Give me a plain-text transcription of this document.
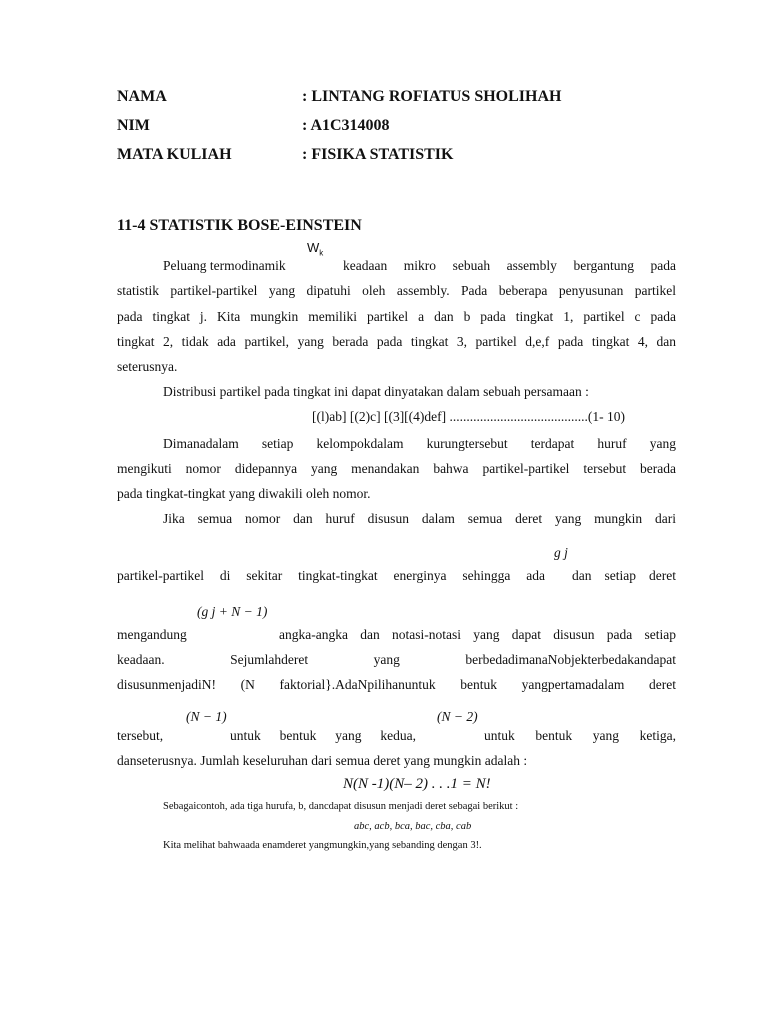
NAMA	: LINTANG ROFIATUS SHOLIHAH
NIM	: A1C314008
MATA KULIAH	: FISIKA STATISTIK
11-4 STATISTIK BOSE-EINSTEIN
$W_k$
Peluang termodinamik	keadaan mikro sebuah assembly bergantung pada
statistik partikel-partikel yang dipatuhi oleh assembly. Pada beberapa penyusunan partikel
pada tingkat j. Kita mungkin memiliki partikel a dan b pada tingkat 1, partikel c pada
tingkat 2, tidak ada partikel, yang berada pada tingkat 3, partikel d,e,f pada tingkat 4, dan
seterusnya.
Distribusi partikel pada tingkat ini dapat dinyatakan dalam sebuah persamaan :
[(l)ab] [(2)c] [(3][(4)def] .........................................(1- 10)
Dimanadalam setiap kelompokdalam kurungtersebut terdapat huruf yang
mengikuti nomor didepannya yang menandakan bahwa partikel-partikel tersebut berada
pada tingkat-tingkat yang diwakili oleh nomor.
Jika semua nomor dan huruf disusun dalam semua deret yang mungkin dari
g j
partikel-partikel di sekitar tingkat-tingkat energinya sehingga ada dan setiap deret
(g j + N − 1)
mengandung	angka-angka dan notasi-notasi yang dapat disusun pada setiap
keadaan. Sejumlahderet yang berbedadimanaNobjekterbedakandapat
disusunmenjadiN! (N faktorial}.AdaNpilihanuntuk bentuk yangpertamadalam deret
(N − 1)	(N − 2)
tersebut,	untuk bentuk yang kedua,	untuk bentuk yang ketiga,
danseterusnya. Jumlah keseluruhan dari semua deret yang mungkin adalah :
N(N -1)(N– 2) . . .1 = N!
Sebagaicontoh, ada tiga hurufa, b, dancdapat disusun menjadi deret sebagai berikut :
abc, acb, bca, bac, cba, cab
Kita melihat bahwaada enamderet yangmungkin,yang sebanding dengan 3!.
